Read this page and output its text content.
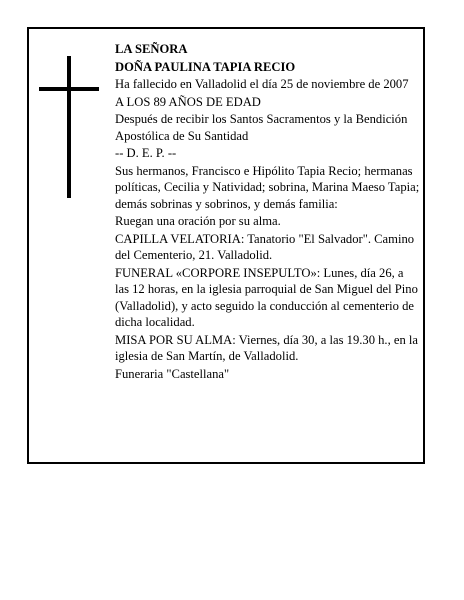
LA SEÑORA

DOÑA PAULINA TAPIA RECIO

Ha fallecido en Valladolid el día 25 de noviembre de 2007

A LOS 89 AÑOS DE EDAD

Después de recibir los Santos Sacramentos y la Bendición Apostólica de Su Santidad

-- D. E. P. --

Sus hermanos, Francisco e Hipólito Tapia Recio; hermanas políticas, Cecilia y Natividad; sobrina, Marina Maeso Tapia; demás sobrinas y sobrinos, y demás familia:

Ruegan una oración por su alma.

CAPILLA VELATORIA: Tanatorio "El Salvador". Camino del Cementerio, 21. Valladolid.

FUNERAL «CORPORE INSEPULTO»: Lunes, día 26, a las 12 horas, en la iglesia parroquial de San Miguel del Pino (Valladolid), y acto seguido la conducción al cementerio de dicha localidad.

MISA POR SU ALMA: Viernes, día 30, a las 19.30 h., en la iglesia de San Martín, de Valladolid.

Funeraria "Castellana"
